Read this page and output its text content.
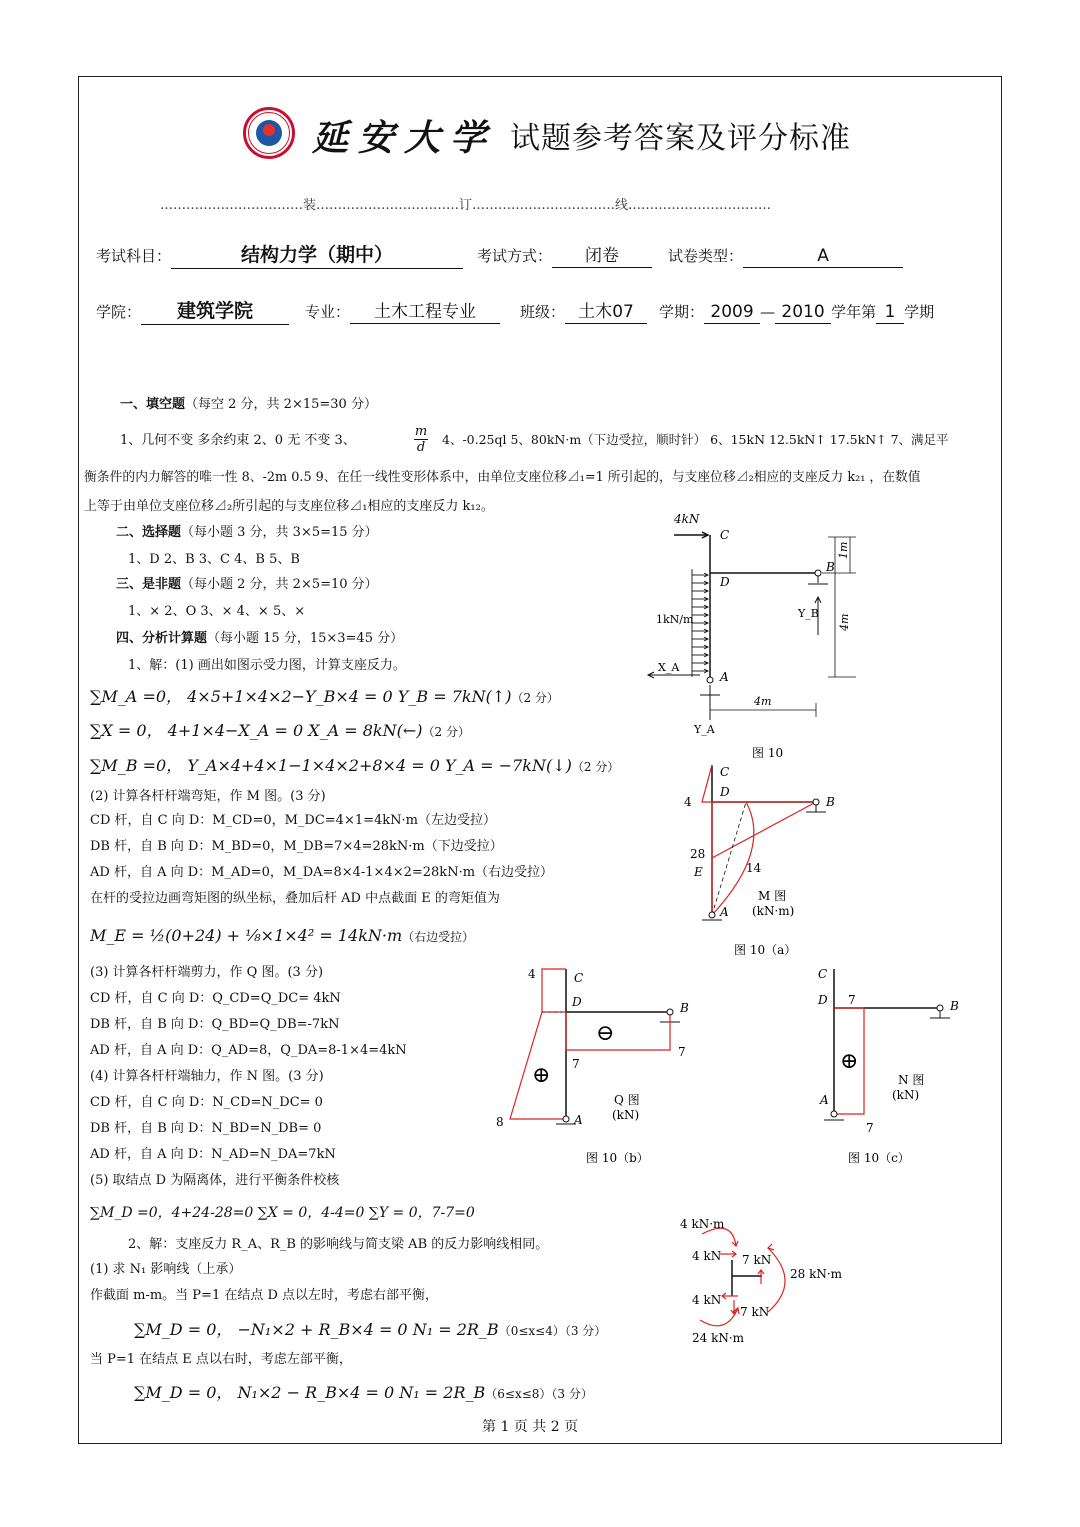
延安大学 试题参考答案及评分标准
……………………………装……………………………订……………………………线……………………………
考试科目：	结构力学（期中）	考试方式： 闭卷	试卷类型：	A
学院： 建筑学院	专业： 土木工程专业	班级： 土木07 学期： 2009 — 2010 学年第 1 学期
一、填空题（每空 2 分，共 2×15=30 分）
1、几何不变 多余约束 2、0 无 不变 3、	$\frac{m}{d} 4$、-0.25ql 5、80kN·m（下边受拉，顺时针） 6、15kN 12.5kN↑ 17.5kN↑ 7、满足平
衡条件的内力解答的唯一性 8、-2m 0.5 9、在任一线性变形体系中，由单位支座位移⊿₁=1 所引起的，与支座位移⊿₂相应的支座反力 k₂₁ ，在数值
上等于由单位支座位移⊿₂所引起的与支座位移⊿₁相应的支座反力 k₁₂。
二、选择题（每小题 3 分，共 3×5=15 分）
1、D 2、B 3、C 4、B 5、B
三、是非题（每小题 2 分，共 2×5=10 分）
1、× 2、O 3、× 4、× 5、×
四、分析计算题（每小题 15 分，15×3=45 分）
1、解：(1) 画出如图示受力图，计算支座反力。
∑M_A =0， 4×5+1×4×2−Y_B×4 = 0 Y_B = 7kN(↑)（2 分）
∑X = 0， 4+1×4−X_A = 0 X_A = 8kN(←)（2 分）
∑M_B =0， Y_A×4+4×1−1×4×2+8×4 = 0 Y_A = −7kN(↓)（2 分）
(2) 计算各杆杆端弯矩，作 M 图。(3 分)
CD 杆，自 C 向 D：M_CD=0，M_DC=4×1=4kN·m（左边受拉）
DB 杆，自 B 向 D：M_BD=0，M_DB=7×4=28kN·m（下边受拉）
AD 杆，自 A 向 D：M_AD=0，M_DA=8×4-1×4×2=28kN·m（右边受拉）
在杆的受拉边画弯矩图的纵坐标，叠加后杆 AD 中点截面 E 的弯矩值为
M_E = ½(0+24) + ⅛×1×4² = 14kN·m（右边受拉）
(3) 计算各杆杆端剪力，作 Q 图。(3 分)
CD 杆，自 C 向 D：Q_CD=Q_DC= 4kN
DB 杆，自 B 向 D：Q_BD=Q_DB=-7kN
AD 杆，自 A 向 D：Q_AD=8，Q_DA=8-1×4=4kN
(4) 计算各杆杆端轴力，作 N 图。(3 分)
CD 杆，自 C 向 D：N_CD=N_DC= 0
DB 杆，自 B 向 D：N_BD=N_DB= 0
AD 杆，自 A 向 D：N_AD=N_DA=7kN
(5) 取结点 D 为隔离体，进行平衡条件校核
∑M_D =0，4+24-28=0 ∑X = 0，4-4=0 ∑Y = 0，7-7=0
2、解：支座反力 R_A、R_B 的影响线与简支梁 AB 的反力影响线相同。
(1) 求 N₁ 影响线（上承）
作截面 m-m。当 P=1 在结点 D 点以左时，考虑右部平衡，
∑M_D = 0， −N₁×2 + R_B×4 = 0 N₁ = 2R_B（0≤x≤4）（3 分）
当 P=1 在结点 E 点以右时，考虑左部平衡，
∑M_D = 0， N₁×2 − R_B×4 = 0 N₁ = 2R_B（6≤x≤8）（3 分）
4kN
C
D
B
A
1kN/m
X_A
Y_A
Y_B
1m
4m
4m
图 10
C
D
B
E
A
4
28
14
M 图
(kN·m)
图 10（a）
C
D	B
A
4
7
7
8
⊕
⊖
Q 图
(kN)
图 10（b）
C
D	B
A
7
7
⊕
N 图
(kN)
图 10（c）
4 kN·m
4 kN 7 kN
28 kN·m
4 kN
7 kN
24 kN·m
第 1 页 共 2 页
